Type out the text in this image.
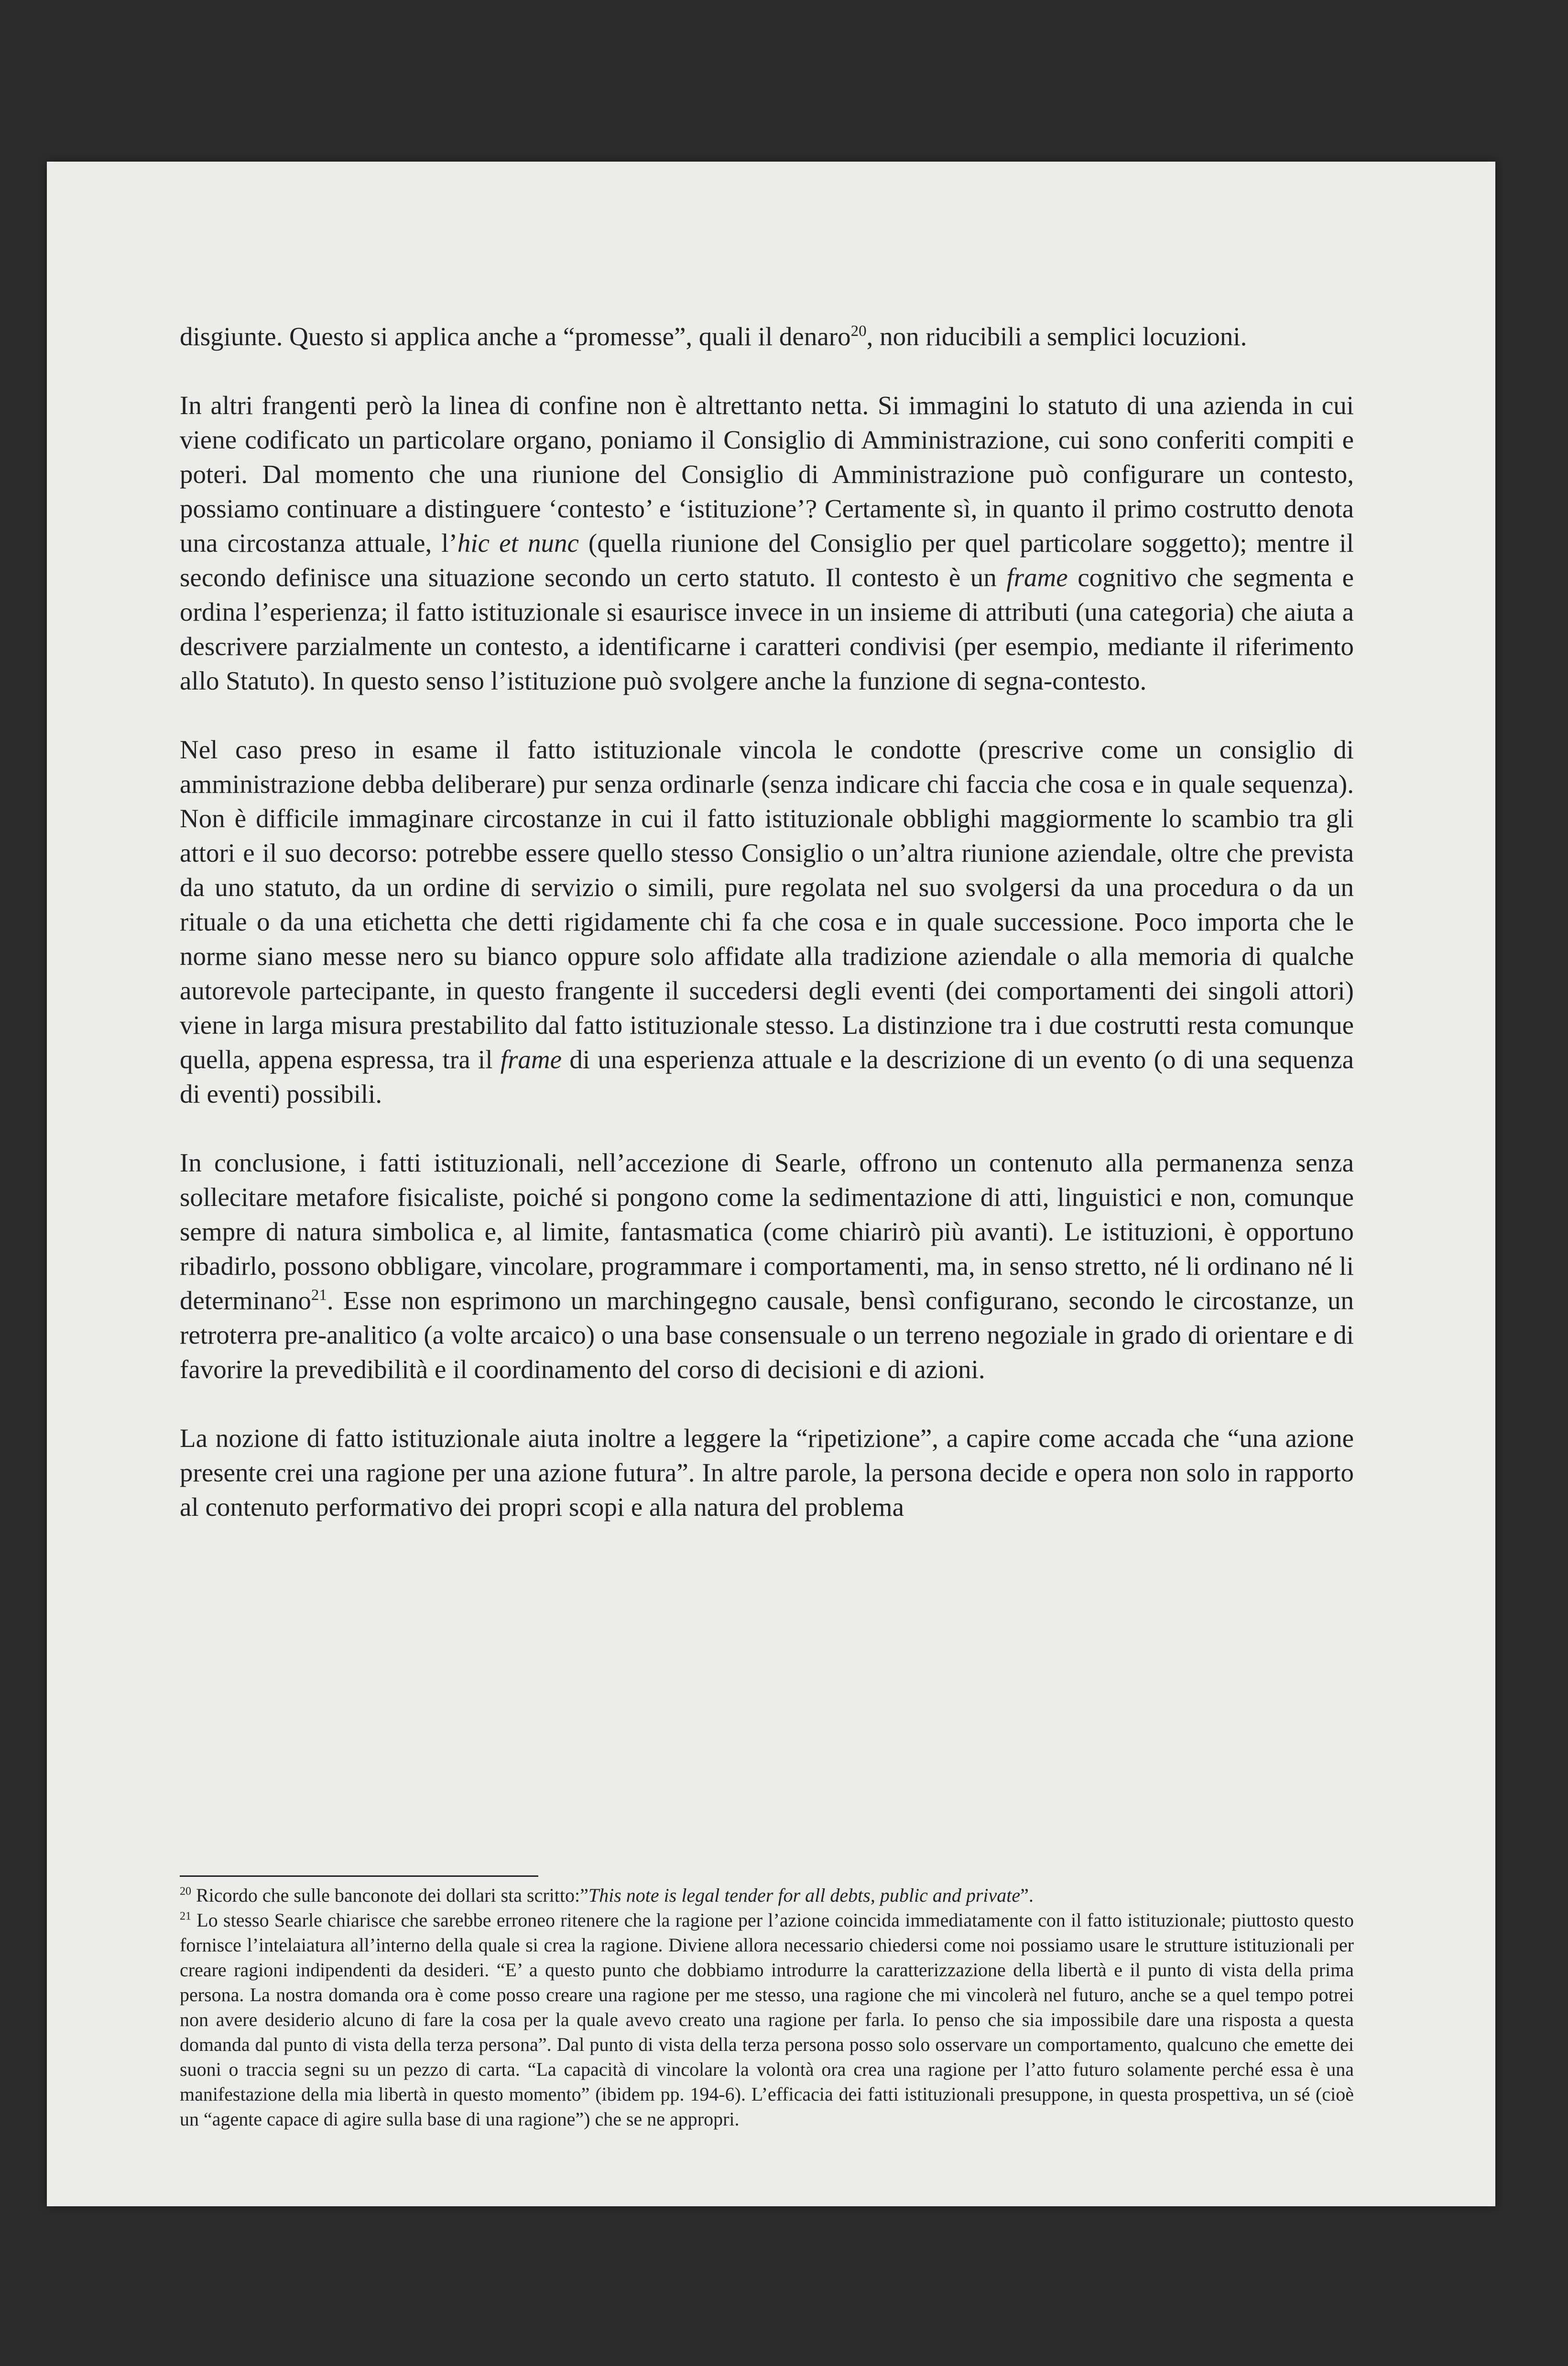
disgiunte. Questo si applica anche a “promesse”, quali il denaro$^{20}$, non riducibili a semplici locuzioni.

In altri frangenti però la linea di confine non è altrettanto netta. Si immagini lo statuto di una azienda in cui viene codificato un particolare organo, poniamo il Consiglio di Amministrazione, cui sono conferiti compiti e poteri. Dal momento che una riunione del Consiglio di Amministrazione può configurare un contesto, possiamo continuare a distinguere ‘contesto’ e ‘istituzione’? Certamente sì, in quanto il primo costrutto denota una circostanza attuale, l’hic et nunc (quella riunione del Consiglio per quel particolare soggetto); mentre il secondo definisce una situazione secondo un certo statuto. Il contesto è un frame cognitivo che segmenta e ordina l’esperienza; il fatto istituzionale si esaurisce invece in un insieme di attributi (una categoria) che aiuta a descrivere parzialmente un contesto, a identificarne i caratteri condivisi (per esempio, mediante il riferimento allo Statuto). In questo senso l’istituzione può svolgere anche la funzione di segna-contesto.

Nel caso preso in esame il fatto istituzionale vincola le condotte (prescrive come un consiglio di amministrazione debba deliberare) pur senza ordinarle (senza indicare chi faccia che cosa e in quale sequenza). Non è difficile immaginare circostanze in cui il fatto istituzionale obblighi maggiormente lo scambio tra gli attori e il suo decorso: potrebbe essere quello stesso Consiglio o un’altra riunione aziendale, oltre che prevista da uno statuto, da un ordine di servizio o simili, pure regolata nel suo svolgersi da una procedura o da un rituale o da una etichetta che detti rigidamente chi fa che cosa e in quale successione. Poco importa che le norme siano messe nero su bianco oppure solo affidate alla tradizione aziendale o alla memoria di qualche autorevole partecipante, in questo frangente il succedersi degli eventi (dei comportamenti dei singoli attori) viene in larga misura prestabilito dal fatto istituzionale stesso. La distinzione tra i due costrutti resta comunque quella, appena espressa, tra il frame di una esperienza attuale e la descrizione di un evento (o di una sequenza di eventi) possibili.

In conclusione, i fatti istituzionali, nell’accezione di Searle, offrono un contenuto alla permanenza senza sollecitare metafore fisicaliste, poiché si pongono come la sedimentazione di atti, linguistici e non, comunque sempre di natura simbolica e, al limite, fantasmatica (come chiarirò più avanti). Le istituzioni, è opportuno ribadirlo, possono obbligare, vincolare, programmare i comportamenti, ma, in senso stretto, né li ordinano né li determinano$^{21}$. Esse non esprimono un marchingegno causale, bensì configurano, secondo le circostanze, un retroterra pre-analitico (a volte arcaico) o una base consensuale o un terreno negoziale in grado di orientare e di favorire la prevedibilità e il coordinamento del corso di decisioni e di azioni.

La nozione di fatto istituzionale aiuta inoltre a leggere la “ripetizione”, a capire come accada che “una azione presente crei una ragione per una azione futura”. In altre parole, la persona decide e opera non solo in rapporto al contenuto performativo dei propri scopi e alla natura del problema

$^{20}$ Ricordo che sulle banconote dei dollari sta scritto:”This note is legal tender for all debts, public and private”.

$^{21}$ Lo stesso Searle chiarisce che sarebbe erroneo ritenere che la ragione per l’azione coincida immediatamente con il fatto istituzionale; piuttosto questo fornisce l’intelaiatura all’interno della quale si crea la ragione. Diviene allora necessario chiedersi come noi possiamo usare le strutture istituzionali per creare ragioni indipendenti da desideri. “E’ a questo punto che dobbiamo introdurre la caratterizzazione della libertà e il punto di vista della prima persona. La nostra domanda ora è come posso creare una ragione per me stesso, una ragione che mi vincolerà nel futuro, anche se a quel tempo potrei non avere desiderio alcuno di fare la cosa per la quale avevo creato una ragione per farla. Io penso che sia impossibile dare una risposta a questa domanda dal punto di vista della terza persona”. Dal punto di vista della terza persona posso solo osservare un comportamento, qualcuno che emette dei suoni o traccia segni su un pezzo di carta. “La capacità di vincolare la volontà ora crea una ragione per l’atto futuro solamente perché essa è una manifestazione della mia libertà in questo momento” (ibidem pp. 194-6). L’efficacia dei fatti istituzionali presuppone, in questa prospettiva, un sé (cioè un “agente capace di agire sulla base di una ragione”) che se ne appropri.
